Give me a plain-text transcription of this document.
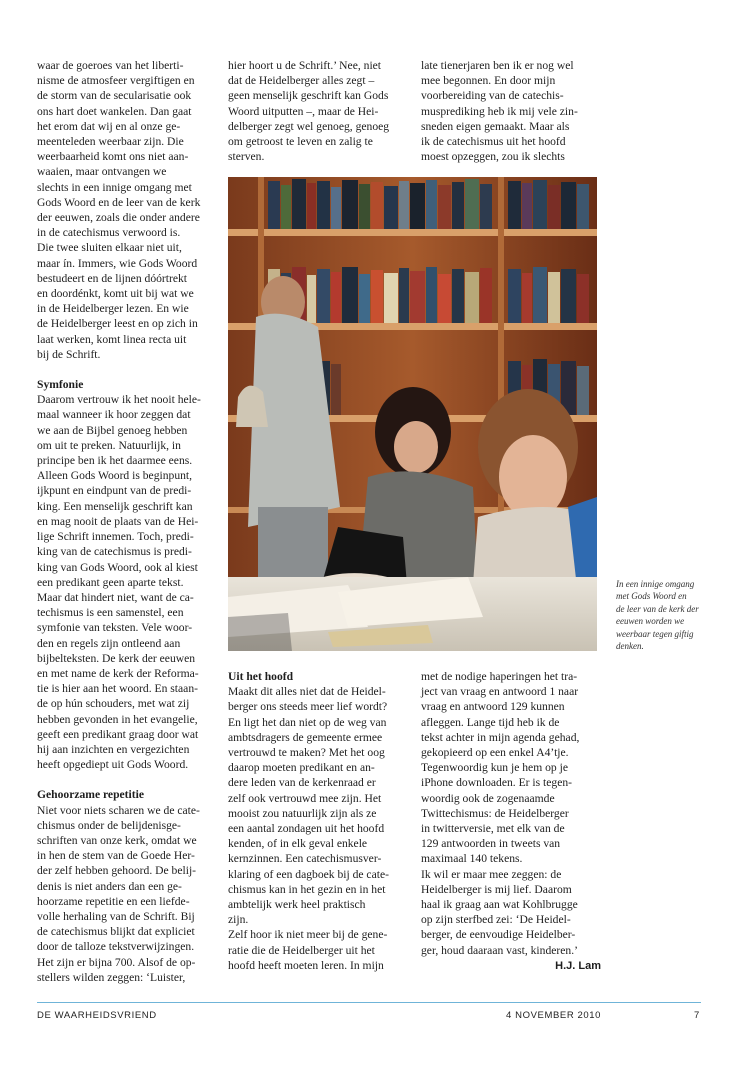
waar de goeroes van het liberti-
nisme de atmosfeer vergiftigen en
de storm van de secularisatie ook
ons hart doet wankelen. Dan gaat
het erom dat wij en al onze ge-
meenteleden weerbaar zijn. Die
weerbaarheid komt ons niet aan-
waaien, maar ontvangen we
slechts in een innige omgang met
Gods Woord en de leer van de kerk
der eeuwen, zoals die onder andere
in de catechismus verwoord is.
Die twee sluiten elkaar niet uit,
maar ín. Immers, wie Gods Woord
bestudeert en de lijnen dóórtrekt
en doordénkt, komt uit bij wat we
in de Heidelberger lezen. En wie
de Heidelberger leest en op zich in
laat werken, komt linea recta uit
bij de Schrift.
Symfonie
Daarom vertrouw ik het nooit hele-
maal wanneer ik hoor zeggen dat
we aan de Bijbel genoeg hebben
om uit te preken. Natuurlijk, in
principe ben ik het daarmee eens.
Alleen Gods Woord is beginpunt,
ijkpunt en eindpunt van de predi-
king. Een menselijk geschrift kan
en mag nooit de plaats van de Hei-
lige Schrift innemen. Toch, predi-
king van de catechismus is predi-
king van Gods Woord, ook al kiest
een predikant geen aparte tekst.
Maar dat hindert niet, want de ca-
techismus is een samenstel, een
symfonie van teksten. Vele woor-
den en regels zijn ontleend aan
bijbelteksten. De kerk der eeuwen
en met name de kerk der Reforma-
tie is hier aan het woord. En staan-
de op hún schouders, met wat zij
hebben gevonden in het evangelie,
geeft een predikant graag door wat
hij aan inzichten en vergezichten
heeft opgediept uit Gods Woord.
Gehoorzame repetitie
Niet voor niets scharen we de cate-
chismus onder de belijdenisge-
schriften van onze kerk, omdat we
in hen de stem van de Goede Her-
der zelf hebben gehoord. De belij-
denis is niet anders dan een ge-
hoorzame repetitie en een liefde-
volle herhaling van de Schrift. Bij
de catechismus blijkt dat expliciet
door de talloze tekstverwijzingen.
Het zijn er bijna 700. Alsof de op-
stellers wilden zeggen: ‘Luister,
hier hoort u de Schrift.’ Nee, niet
dat de Heidelberger alles zegt –
geen menselijk geschrift kan Gods
Woord uitputten –, maar de Hei-
delberger zegt wel genoeg, genoeg
om getroost te leven en zalig te
sterven.
late tienerjaren ben ik er nog wel
mee begonnen. En door mijn
voorbereiding van de catechis-
musprediking heb ik mij vele zin-
sneden eigen gemaakt. Maar als
ik de catechismus uit het hoofd
moest opzeggen, zou ik slechts
In een innige omgang
met Gods Woord en
de leer van de kerk der
eeuwen worden we
weerbaar tegen giftig
denken.
Uit het hoofd
Maakt dit alles niet dat de Heidel-
berger ons steeds meer lief wordt?
En ligt het dan niet op de weg van
ambtsdragers de gemeente ermee
vertrouwd te maken? Met het oog
daarop moeten predikant en an-
dere leden van de kerkenraad er
zelf ook vertrouwd mee zijn. Het
mooist zou natuurlijk zijn als ze
een aantal zondagen uit het hoofd
kenden, of in elk geval enkele
kernzinnen. Een catechismusver-
klaring of een dagboek bij de cate-
chismus kan in het gezin en in het
ambtelijk werk heel praktisch
zijn.
Zelf hoor ik niet meer bij de gene-
ratie die de Heidelberger uit het
hoofd heeft moeten leren. In mijn
met de nodige haperingen het tra-
ject van vraag en antwoord 1 naar
vraag en antwoord 129 kunnen
afleggen. Lange tijd heb ik de
tekst achter in mijn agenda gehad,
gekopieerd op een enkel A4’tje.
Tegenwoordig kun je hem op je
iPhone downloaden. Er is tegen-
woordig ook de zogenaamde
Twittechismus: de Heidelberger
in twitterversie, met elk van de
129 antwoorden in tweets van
maximaal 140 tekens.
Ik wil er maar mee zeggen: de
Heidelberger is mij lief. Daarom
haal ik graag aan wat Kohlbrugge
op zijn sterfbed zei: ‘De Heidel-
berger, de eenvoudige Heidelber-
ger, houd daaraan vast, kinderen.’
H.J. Lam
DE WAARHEIDSVRIEND	4 NOVEMBER 2010	7
